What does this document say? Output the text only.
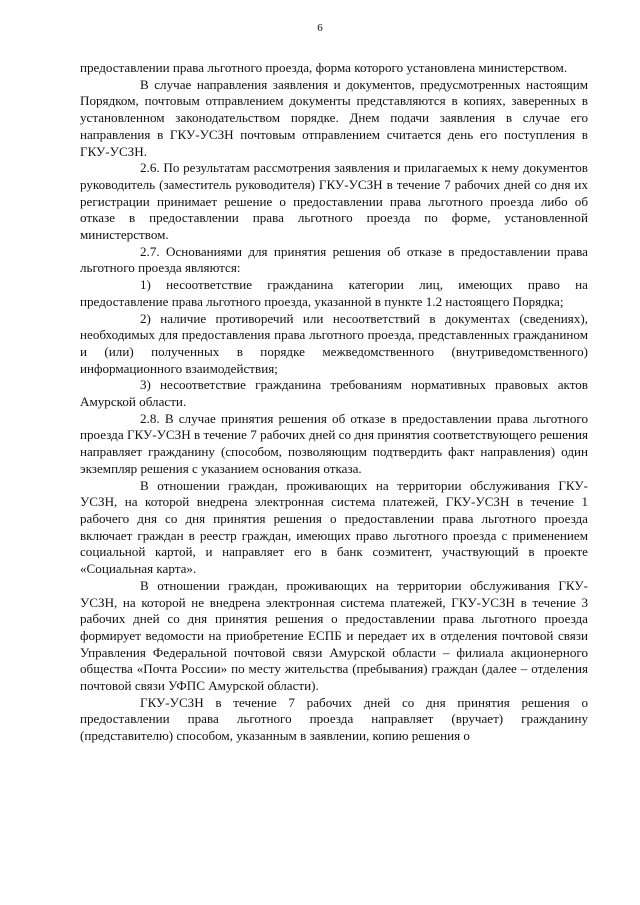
6

предоставлении права льготного проезда, форма которого установлена министерством.

В случае направления заявления и документов, предусмотренных настоящим Порядком, почтовым отправлением документы представляются в копиях, заверенных в установленном законодательством порядке. Днем подачи заявления в случае его направления в ГКУ-УСЗН почтовым отправлением считается день его поступления в ГКУ-УСЗН.

2.6. По результатам рассмотрения заявления и прилагаемых к нему документов руководитель (заместитель руководителя) ГКУ-УСЗН в течение 7 рабочих дней со дня их регистрации принимает решение о предоставлении права льготного проезда либо об отказе в предоставлении права льготного проезда по форме, установленной министерством.

2.7. Основаниями для принятия решения об отказе в предоставлении права льготного проезда являются:

1) несоответствие гражданина категории лиц, имеющих право на предоставление права льготного проезда, указанной в пункте 1.2 настоящего Порядка;

2) наличие противоречий или несоответствий в документах (сведениях), необходимых для предоставления права льготного проезда, представленных гражданином и (или) полученных в порядке межведомственного (внутриведомственного) информационного взаимодействия;

3) несоответствие гражданина требованиям нормативных правовых актов Амурской области.

2.8. В случае принятия решения об отказе в предоставлении права льготного проезда ГКУ-УСЗН в течение 7 рабочих дней со дня принятия соответствующего решения направляет гражданину (способом, позволяющим подтвердить факт направления) один экземпляр решения с указанием основания отказа.

В отношении граждан, проживающих на территории обслуживания ГКУ-УСЗН, на которой внедрена электронная система платежей, ГКУ-УСЗН в течение 1 рабочего дня со дня принятия решения о предоставлении права льготного проезда включает граждан в реестр граждан, имеющих право льготного проезда с применением социальной картой, и направляет его в банк соэмитент, участвующий в проекте «Социальная карта».

В отношении граждан, проживающих на территории обслуживания ГКУ-УСЗН, на которой не внедрена электронная система платежей, ГКУ-УСЗН в течение 3 рабочих дней со дня принятия решения о предоставлении права льготного проезда формирует ведомости на приобретение ЕСПБ и передает их в отделения почтовой связи Управления Федеральной почтовой связи Амурской области – филиала акционерного общества «Почта России» по месту жительства (пребывания) граждан (далее – отделения почтовой связи УФПС Амурской области).

ГКУ-УСЗН в течение 7 рабочих дней со дня принятия решения о предоставлении права льготного проезда направляет (вручает) гражданину (представителю) способом, указанным в заявлении, копию решения о
